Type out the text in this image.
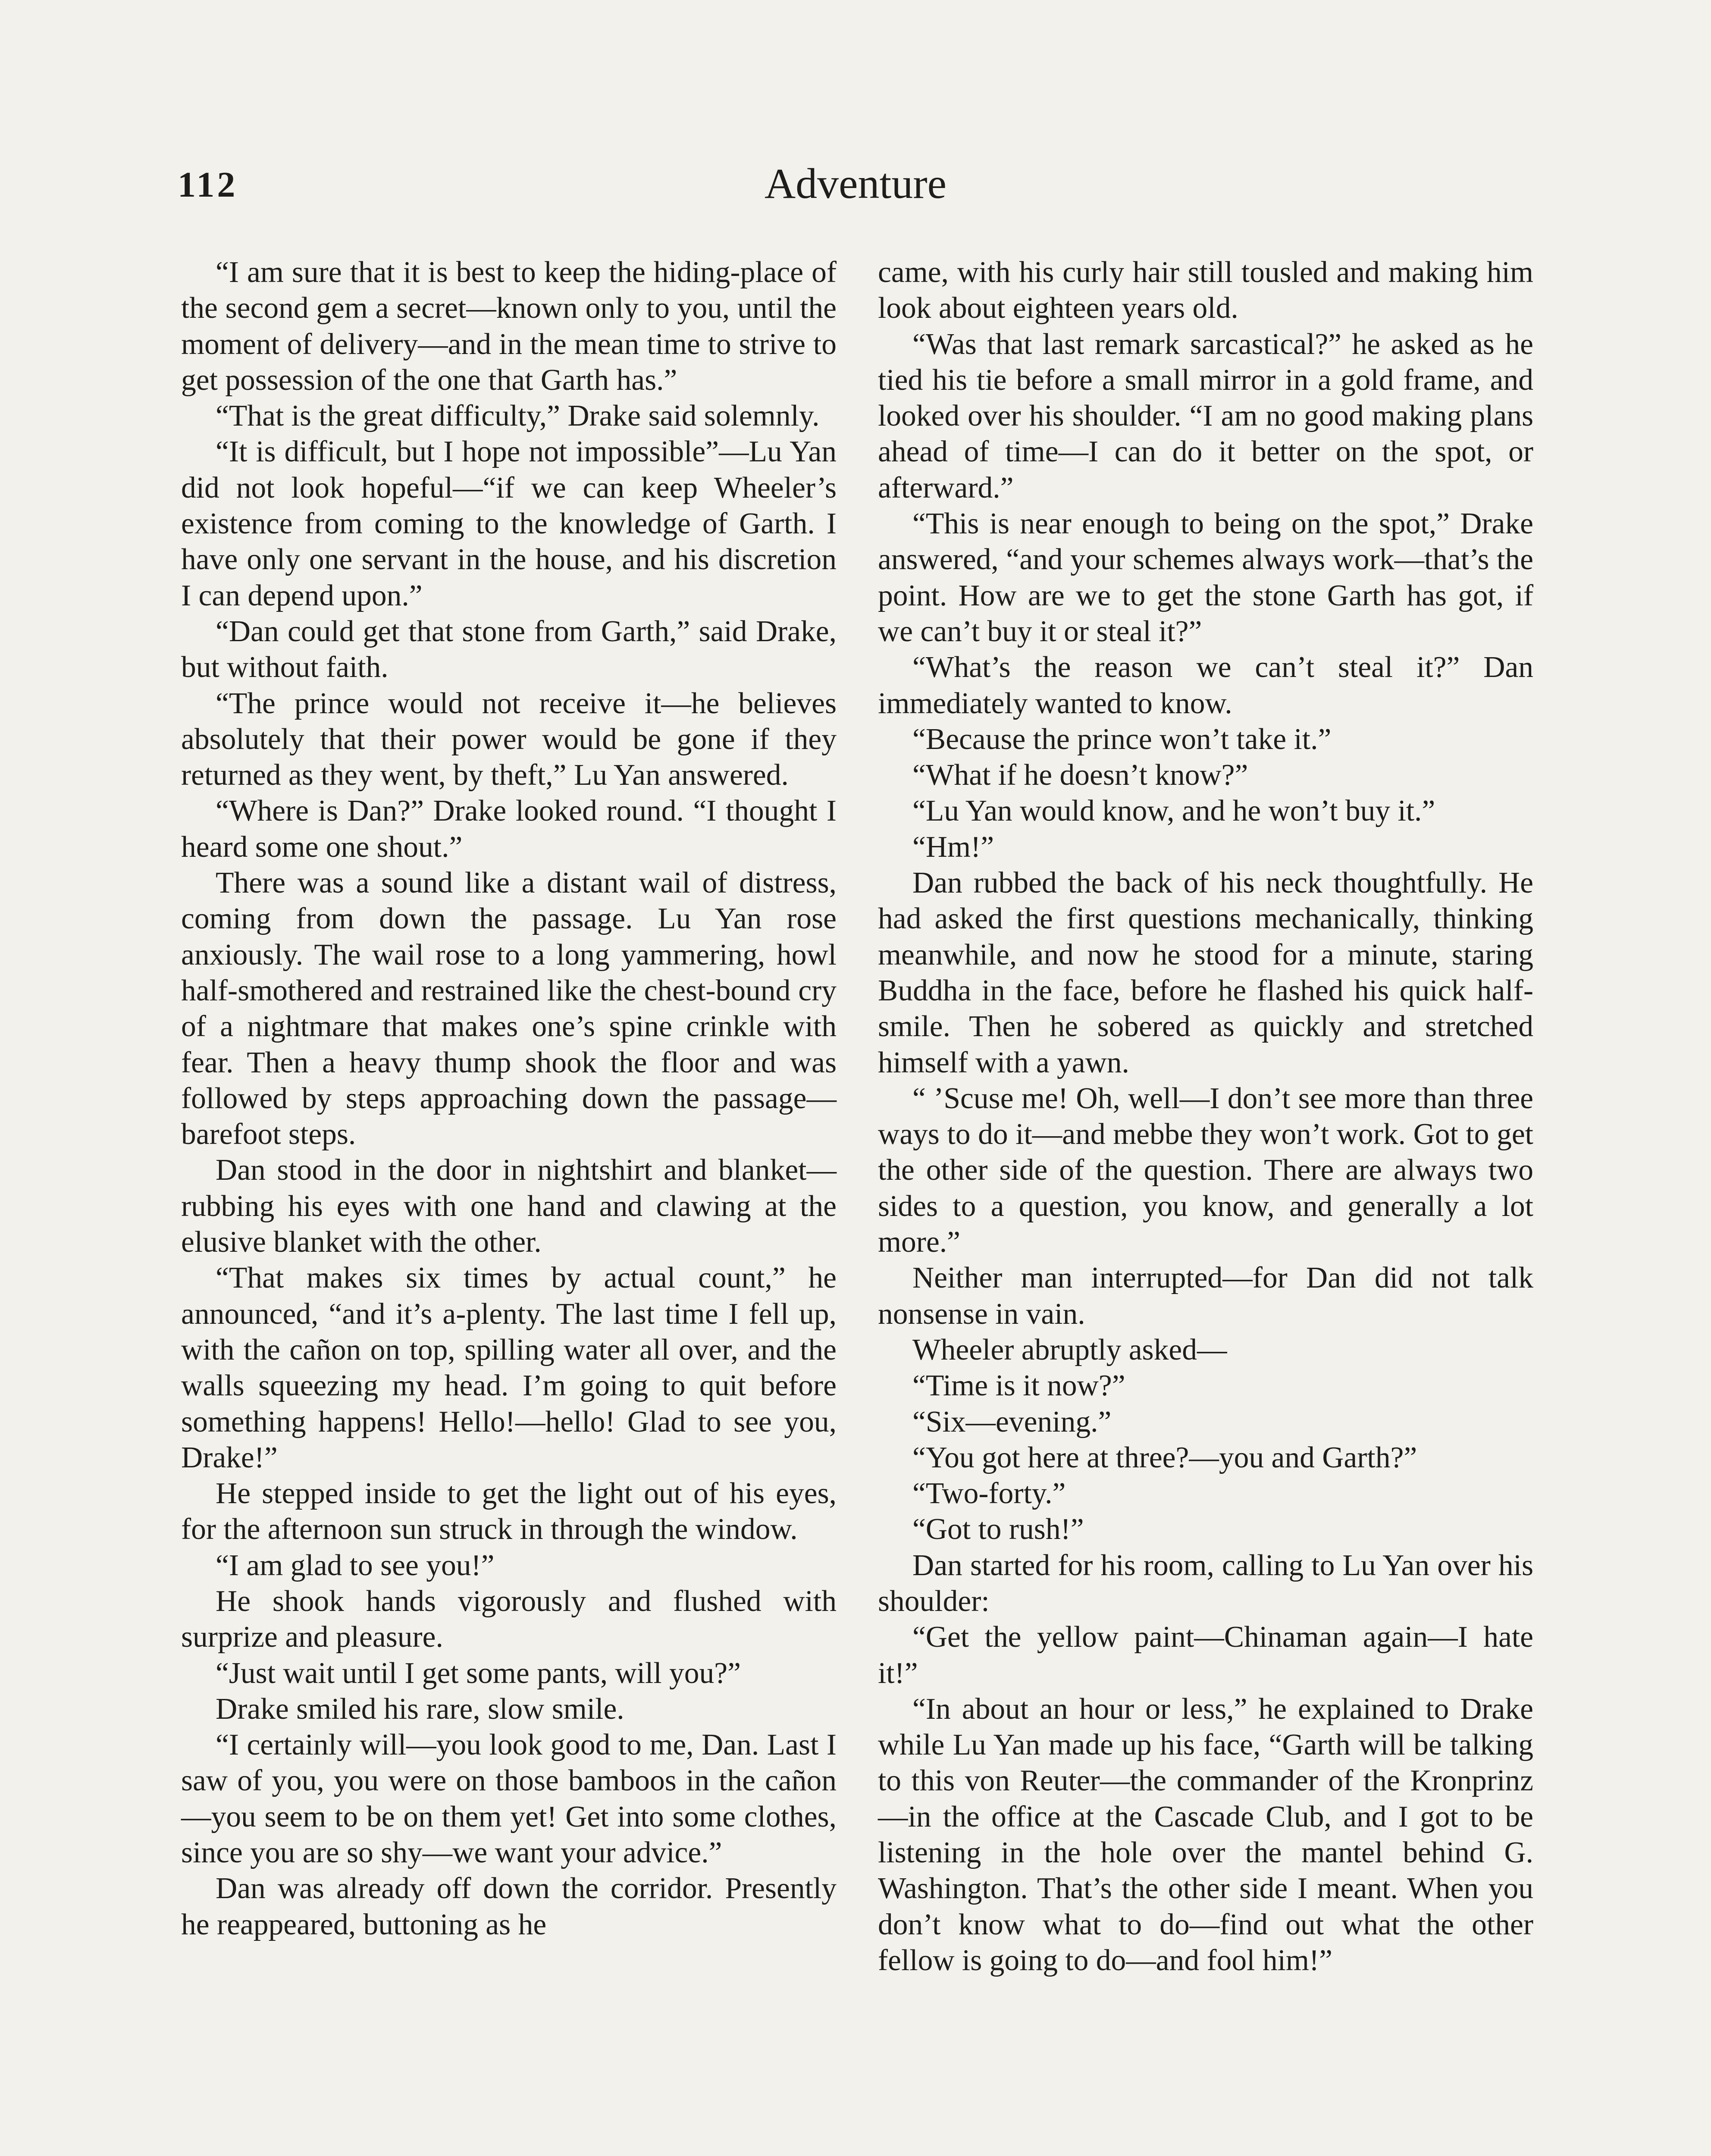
112	Adventure

“I am sure that it is best to keep the hiding-place of the second gem a secret—known only to you, until the moment of delivery—and in the mean time to strive to get possession of the one that Garth has.”

“That is the great difficulty,” Drake said solemnly.

“It is difficult, but I hope not impossible”—Lu Yan did not look hopeful—“if we can keep Wheeler’s existence from coming to the knowledge of Garth. I have only one servant in the house, and his discretion I can depend upon.”

“Dan could get that stone from Garth,” said Drake, but without faith.

“The prince would not receive it—he believes absolutely that their power would be gone if they returned as they went, by theft,” Lu Yan answered.

“Where is Dan?” Drake looked round. “I thought I heard some one shout.”

There was a sound like a distant wail of distress, coming from down the passage. Lu Yan rose anxiously. The wail rose to a long yammering, howl half-smothered and restrained like the chest-bound cry of a nightmare that makes one’s spine crinkle with fear. Then a heavy thump shook the floor and was followed by steps approaching down the passage—barefoot steps.

Dan stood in the door in nightshirt and blanket—rubbing his eyes with one hand and clawing at the elusive blanket with the other.

“That makes six times by actual count,” he announced, “and it’s a-plenty. The last time I fell up, with the cañon on top, spilling water all over, and the walls squeezing my head. I’m going to quit before something happens! Hello!—hello! Glad to see you, Drake!”

He stepped inside to get the light out of his eyes, for the afternoon sun struck in through the window.

“I am glad to see you!”

He shook hands vigorously and flushed with surprize and pleasure.

“Just wait until I get some pants, will you?”

Drake smiled his rare, slow smile.

“I certainly will—you look good to me, Dan. Last I saw of you, you were on those bamboos in the cañon—you seem to be on them yet! Get into some clothes, since you are so shy—we want your advice.”

Dan was already off down the corridor. Presently he reappeared, buttoning as he

came, with his curly hair still tousled and making him look about eighteen years old.

“Was that last remark sarcastical?” he asked as he tied his tie before a small mirror in a gold frame, and looked over his shoulder. “I am no good making plans ahead of time—I can do it better on the spot, or afterward.”

“This is near enough to being on the spot,” Drake answered, “and your schemes always work—that’s the point. How are we to get the stone Garth has got, if we can’t buy it or steal it?”

“What’s the reason we can’t steal it?” Dan immediately wanted to know.

“Because the prince won’t take it.”

“What if he doesn’t know?”

“Lu Yan would know, and he won’t buy it.”

“Hm!”

Dan rubbed the back of his neck thoughtfully. He had asked the first questions mechanically, thinking meanwhile, and now he stood for a minute, staring Buddha in the face, before he flashed his quick half-smile. Then he sobered as quickly and stretched himself with a yawn.

“ ’Scuse me! Oh, well—I don’t see more than three ways to do it—and mebbe they won’t work. Got to get the other side of the question. There are always two sides to a question, you know, and generally a lot more.”

Neither man interrupted—for Dan did not talk nonsense in vain.

Wheeler abruptly asked—

“Time is it now?”

“Six—evening.”

“You got here at three?—you and Garth?”

“Two-forty.”

“Got to rush!”

Dan started for his room, calling to Lu Yan over his shoulder:

“Get the yellow paint—Chinaman again—I hate it!”

“In about an hour or less,” he explained to Drake while Lu Yan made up his face, “Garth will be talking to this von Reuter—the commander of the Kronprinz—in the office at the Cascade Club, and I got to be listening in the hole over the mantel behind G. Washington. That’s the other side I meant. When you don’t know what to do—find out what the other fellow is going to do—and fool him!”
